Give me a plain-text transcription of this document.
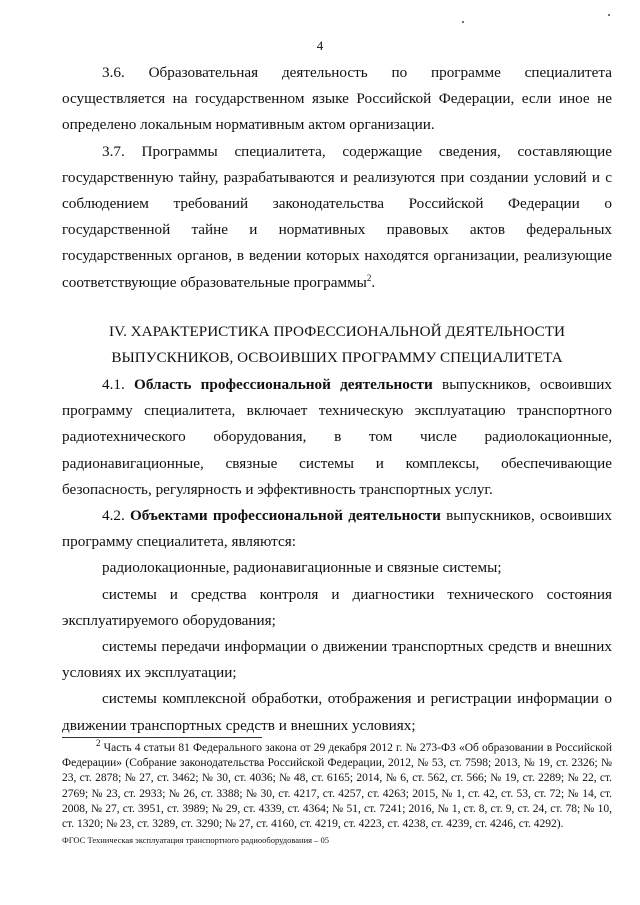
4

3.6. Образовательная деятельность по программе специалитета осуществляется на государственном языке Российской Федерации, если иное не определено локальным нормативным актом организации.

3.7. Программы специалитета, содержащие сведения, составляющие государственную тайну, разрабатываются и реализуются при создании условий и с соблюдением требований законодательства Российской Федерации о государственной тайне и нормативных правовых актов федеральных государственных органов, в ведении которых находятся организации, реализующие соответствующие образовательные программы$^2$.

IV. ХАРАКТЕРИСТИКА ПРОФЕССИОНАЛЬНОЙ ДЕЯТЕЛЬНОСТИ

ВЫПУСКНИКОВ, ОСВОИВШИХ ПРОГРАММУ СПЕЦИАЛИТЕТА

4.1. Область профессиональной деятельности выпускников, освоивших программу специалитета, включает техническую эксплуатацию транспортного радиотехнического оборудования, в том числе радиолокационные, радионавигационные, связные системы и комплексы, обеспечивающие безопасность, регулярность и эффективность транспортных услуг.

4.2. Объектами профессиональной деятельности выпускников, освоивших программу специалитета, являются:

радиолокационные, радионавигационные и связные системы;

системы и средства контроля и диагностики технического состояния эксплуатируемого оборудования;

системы передачи информации о движении транспортных средств и внешних условиях их эксплуатации;

системы комплексной обработки, отображения и регистрации информации о движении транспортных средств и внешних условиях;

$^2$ Часть 4 статьи 81 Федерального закона от 29 декабря 2012 г. № 273-ФЗ «Об образовании в Российской Федерации» (Собрание законодательства Российской Федерации, 2012, № 53, ст. 7598; 2013, № 19, ст. 2326; № 23, ст. 2878; № 27, ст. 3462; № 30, ст. 4036; № 48, ст. 6165; 2014, № 6, ст. 562, ст. 566; № 19, ст. 2289; № 22, ст. 2769; № 23, ст. 2933; № 26, ст. 3388; № 30, ст. 4217, ст. 4257, ст. 4263; 2015, № 1, ст. 42, ст. 53, ст. 72; № 14, ст. 2008, № 27, ст. 3951, ст. 3989; № 29, ст. 4339, ст. 4364; № 51, ст. 7241; 2016, № 1, ст. 8, ст. 9, ст. 24, ст. 78; № 10, ст. 1320; № 23, ст. 3289, ст. 3290; № 27, ст. 4160, ст. 4219, ст. 4223, ст. 4238, ст. 4239, ст. 4246, ст. 4292).

ФГОС Техническая эксплуатация транспортного радиооборудования – 05
